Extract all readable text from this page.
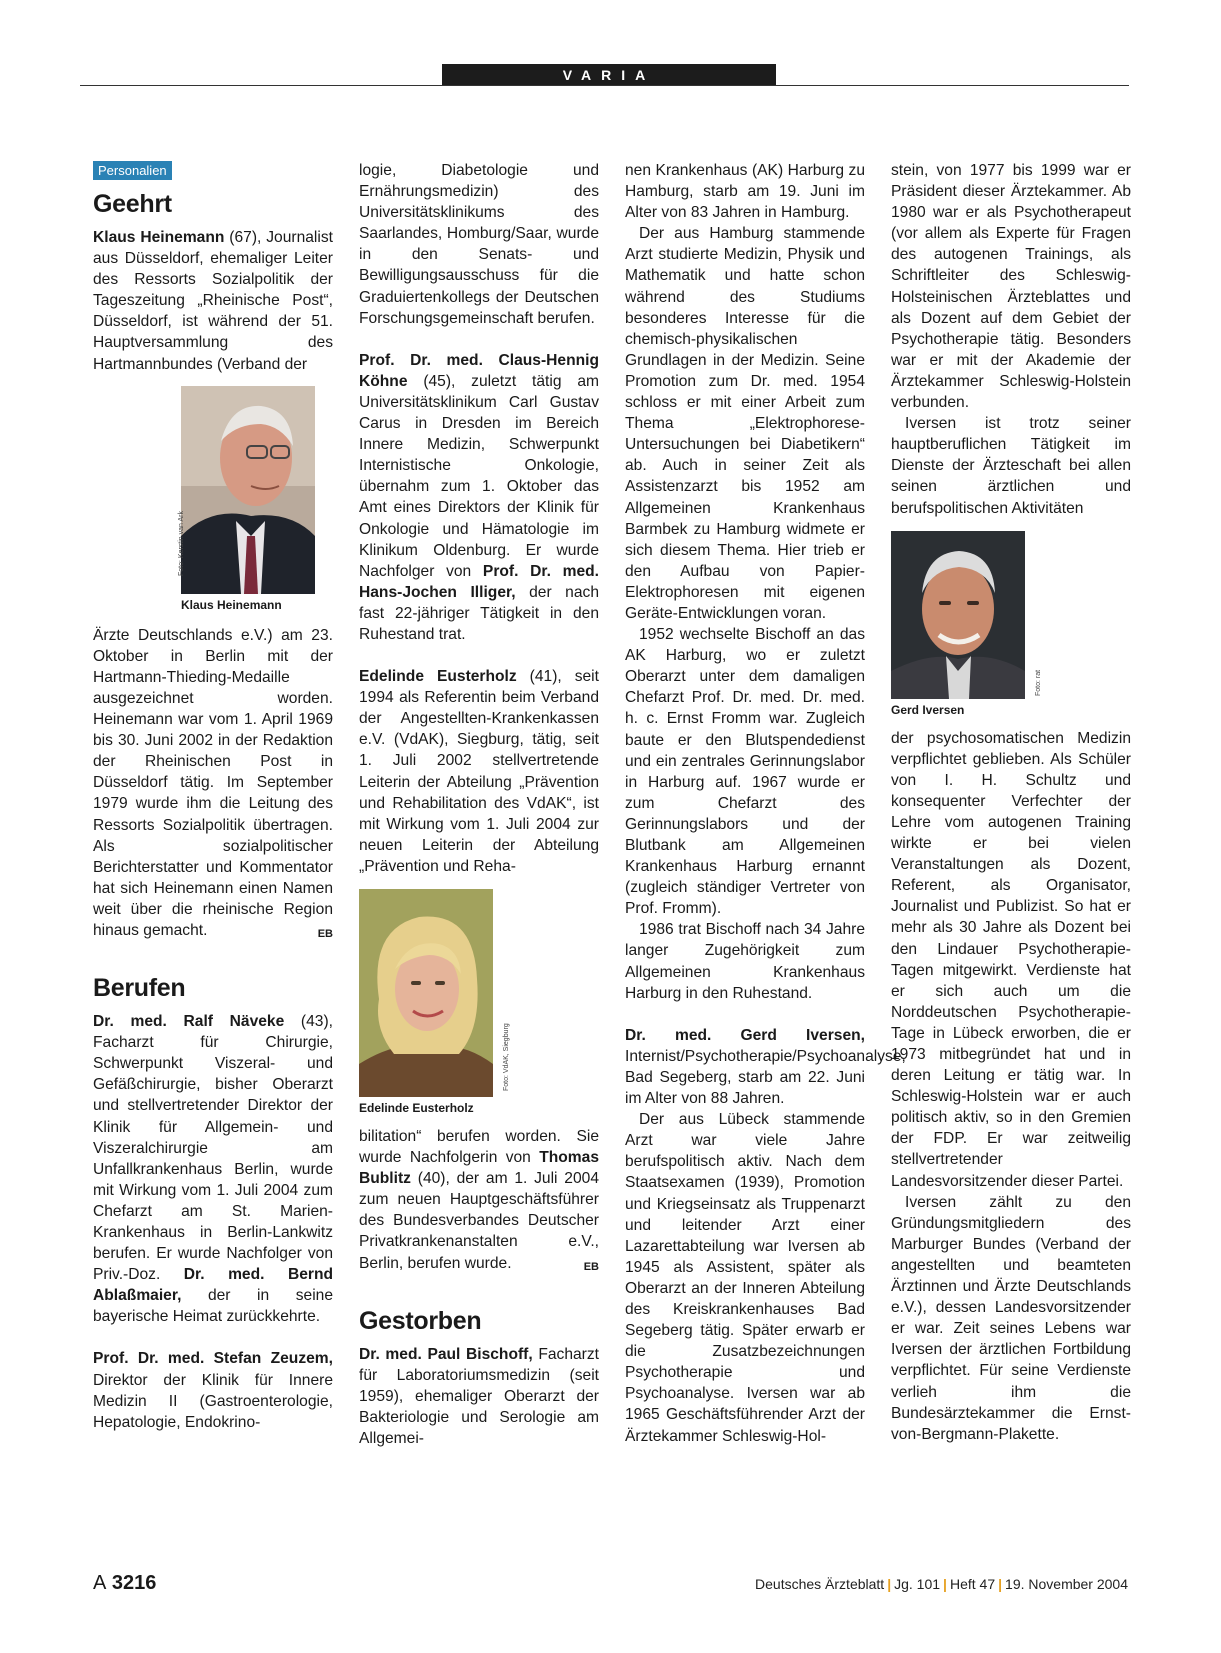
VARIA
Personalien
Geehrt

Klaus Heinemann (67), Journalist aus Düsseldorf, ehemaliger Leiter des Ressorts Sozialpolitik der Tageszeitung „Rheinische Post“, Düsseldorf, ist während der 51. Hauptversammlung des Hartmannbundes (Verband der

Foto: Kerstin van Ark
Klaus Heinemann

Ärzte Deutschlands e.V.) am 23. Oktober in Berlin mit der Hartmann-Thieding-Medaille ausgezeichnet worden. Heinemann war vom 1. April 1969 bis 30. Juni 2002 in der Redaktion der Rheinischen Post in Düsseldorf tätig. Im September 1979 wurde ihm die Leitung des Ressorts Sozialpolitik übertragen. Als sozialpolitischer Berichterstatter und Kommentator hat sich Heinemann einen Namen weit über die rheinische Region hinaus gemacht.	EB

Berufen

Dr. med. Ralf Näveke (43), Facharzt für Chirurgie, Schwerpunkt Viszeral- und Gefäßchirurgie, bisher Oberarzt und stellvertretender Direktor der Klinik für Allgemein- und Viszeralchirurgie am Unfallkrankenhaus Berlin, wurde mit Wirkung vom 1. Juli 2004 zum Chefarzt am St. Marien-Krankenhaus in Berlin-Lankwitz berufen. Er wurde Nachfolger von Priv.-Doz. Dr. med. Bernd Ablaßmaier, der in seine bayerische Heimat zurückkehrte.

Prof. Dr. med. Stefan Zeuzem, Direktor der Klinik für Innere Medizin II (Gastroenterologie, Hepatologie, Endokrino-

logie, Diabetologie und Ernährungsmedizin) des Universitätsklinikums des Saarlandes, Homburg/Saar, wurde in den Senats- und Bewilligungsausschuss für die Graduiertenkollegs der Deutschen Forschungsgemeinschaft berufen.

Prof. Dr. med. Claus-Hennig Köhne (45), zuletzt tätig am Universitätsklinikum Carl Gustav Carus in Dresden im Bereich Innere Medizin, Schwerpunkt Internistische Onkologie, übernahm zum 1. Oktober das Amt eines Direktors der Klinik für Onkologie und Hämatologie im Klinikum Oldenburg. Er wurde Nachfolger von Prof. Dr. med. Hans-Jochen Illiger, der nach fast 22-jähriger Tätigkeit in den Ruhestand trat.

Edelinde Eusterholz (41), seit 1994 als Referentin beim Verband der Angestellten-Krankenkassen e.V. (VdAK), Siegburg, tätig, seit 1. Juli 2002 stellvertretende Leiterin der Abteilung „Prävention und Rehabilitation des VdAK“, ist mit Wirkung vom 1. Juli 2004 zur neuen Leiterin der Abteilung „Prävention und Reha-

Foto: VdAK, Siegburg
Edelinde Eusterholz

bilitation“ berufen worden. Sie wurde Nachfolgerin von Thomas Bublitz (40), der am 1. Juli 2004 zum neuen Hauptgeschäftsführer des Bundesverbandes Deutscher Privatkrankenanstalten e.V., Berlin, berufen wurde.	EB

Gestorben

Dr. med. Paul Bischoff, Facharzt für Laboratoriumsmedizin (seit 1959), ehemaliger Oberarzt der Bakteriologie und Serologie am Allgemei-

nen Krankenhaus (AK) Harburg zu Hamburg, starb am 19. Juni im Alter von 83 Jahren in Hamburg.

Der aus Hamburg stammende Arzt studierte Medizin, Physik und Mathematik und hatte schon während des Studiums besonderes Interesse für die chemisch-physikalischen Grundlagen in der Medizin. Seine Promotion zum Dr. med. 1954 schloss er mit einer Arbeit zum Thema „Elektrophorese-Untersuchungen bei Diabetikern“ ab. Auch in seiner Zeit als Assistenzarzt bis 1952 am Allgemeinen Krankenhaus Barmbek zu Hamburg widmete er sich diesem Thema. Hier trieb er den Aufbau von Papier-Elektrophoresen mit eigenen Geräte-Entwicklungen voran.

1952 wechselte Bischoff an das AK Harburg, wo er zuletzt Oberarzt unter dem damaligen Chefarzt Prof. Dr. med. Dr. med. h. c. Ernst Fromm war. Zugleich baute er den Blutspendedienst und ein zentrales Gerinnungslabor in Harburg auf. 1967 wurde er zum Chefarzt des Gerinnungslabors und der Blutbank am Allgemeinen Krankenhaus Harburg ernannt (zugleich ständiger Vertreter von Prof. Fromm).

1986 trat Bischoff nach 34 Jahre langer Zugehörigkeit zum Allgemeinen Krankenhaus Harburg in den Ruhestand.

Dr. med. Gerd Iversen, Internist/Psychotherapie/Psychoanalyse, Bad Segeberg, starb am 22. Juni im Alter von 88 Jahren.

Der aus Lübeck stammende Arzt war viele Jahre berufspolitisch aktiv. Nach dem Staatsexamen (1939), Promotion und Kriegseinsatz als Truppenarzt und leitender Arzt einer Lazarettabteilung war Iversen ab 1945 als Assistent, später als Oberarzt an der Inneren Abteilung des Kreiskrankenhauses Bad Segeberg tätig. Später erwarb er die Zusatzbezeichnungen Psychotherapie und Psychoanalyse. Iversen war ab 1965 Geschäftsführender Arzt der Ärztekammer Schleswig-Hol-

stein, von 1977 bis 1999 war er Präsident dieser Ärztekammer. Ab 1980 war er als Psychotherapeut (vor allem als Experte für Fragen des autogenen Trainings, als Schriftleiter des Schleswig-Holsteinischen Ärzteblattes und als Dozent auf dem Gebiet der Psychotherapie tätig. Besonders war er mit der Akademie der Ärztekammer Schleswig-Holstein verbunden.

Iversen ist trotz seiner hauptberuflichen Tätigkeit im Dienste der Ärzteschaft bei allen seinen ärztlichen und berufspolitischen Aktivitäten

Foto: rat
Gerd Iversen

der psychosomatischen Medizin verpflichtet geblieben. Als Schüler von I. H. Schultz und konsequenter Verfechter der Lehre vom autogenen Training wirkte er bei vielen Veranstaltungen als Dozent, Referent, als Organisator, Journalist und Publizist. So hat er mehr als 30 Jahre als Dozent bei den Lindauer Psychotherapie-Tagen mitgewirkt. Verdienste hat er sich auch um die Norddeutschen Psychotherapie-Tage in Lübeck erworben, die er 1973 mitbegründet hat und in deren Leitung er tätig war. In Schleswig-Holstein war er auch politisch aktiv, so in den Gremien der FDP. Er war zeitweilig stellvertretender Landesvorsitzender dieser Partei.

Iversen zählt zu den Gründungsmitgliedern des Marburger Bundes (Verband der angestellten und beamteten Ärztinnen und Ärzte Deutschlands e.V.), dessen Landesvorsitzender er war. Zeit seines Lebens war Iversen der ärztlichen Fortbildung verpflichtet. Für seine Verdienste verlieh ihm die Bundesärztekammer die Ernst-von-Bergmann-Plakette.

A 3216	Deutsches Ärzteblatt | Jg. 101 | Heft 47 | 19. November 2004
